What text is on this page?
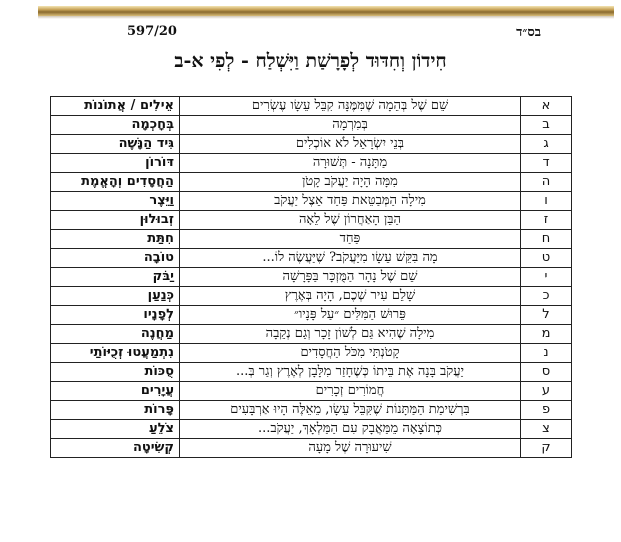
בס״ד
597/20
חִידוֹן וְחִדּוּד לְפָרָשַׁת וַיִּשְׁלַח - לְפִי א-ב
א	שֵׁם שֶׁל בְּהֵמָה שֶׁמִּמֶּנָּה קִבֵּל עֵשָׂו עֶשְׂרִים	אֵילִים / אֲתוֹנוֹת
ב	בְּמִרְמָה	בְּחָכְמָה
ג	בְּנֵי יִשְׂרָאֵל לֹא אוֹכְלִים	גִּיד הַנָּשֶׁה
ד	מַתָּנָה - תְּשׁוּרָה	דּוֹרוֹן
ה	מִמָּה הָיָה יַעֲקֹב קָטֹן	הַחֲסָדִים וְהָאֱמֶת
ו	מִילָה הַמְּבַטֵּאת פַּחַד אֵצֶל יַעֲקֹב	וַיֵּצֶר
ז	הַבֵּן הָאַחֲרוֹן שֶׁל לֵאָה	זְבוּלוּן
ח	פַּחַד	חִתַּת
ט	מָה בִּקֵּשׁ עֵשָׂו מִיַּעֲקֹב? שֶׁיַּעֲשֶׂה לוֹ...	טוֹבָה
י	שֵׁם שֶׁל נָהָר הַמֻּזְכָּר בַּפָּרָשָׁה	יַבֹּק
כ	שָׁלֵם עִיר שְׁכֶם, הָיָה בְּאֶרֶץ	כְּנַעַן
ל	פֵּרוּשׁ הַמִּלִּים ״עַל פָּנָיו״	לְפָנָיו
מ	מִילָה שֶׁהִיא גַּם לְשׁוֹן זָכָר וְגַם נְקֵבָה	מַחֲנֶה
נ	קָטֹנְתִּי מִכֹּל הַחֲסָדִים	נִתְמַעֲטוּ זְכֻיּוֹתַי
ס	יַעֲקֹב בָּנָה אֶת בֵּיתוֹ כְּשֶׁחָזַר מִלָּבָן לְאֶרֶץ וְגַר בְּ...	סֻכּוֹת
ע	חֲמוֹרִים זְכָרִים	עֲיָרִים
פ	בִּרְשִׁימַת הַמַּתָּנוֹת שֶׁקִּבֵּל עֵשָׂו, מֵאֵלֶּה הָיוּ אַרְבָּעִים	פָּרוֹת
צ	כְּתוֹצָאָה מֵמַּאֲבָק עִם הַמַּלְאָךְ, יַעֲקֹב...	צֹלֵעַ
ק	שִׁיעוּרָה שֶׁל מָעָה	קְשִׂיטָה
